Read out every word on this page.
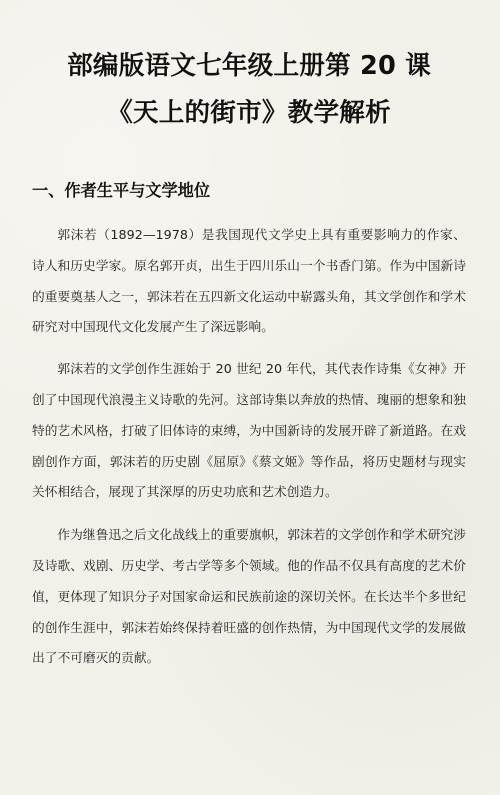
部编版语文七年级上册第 20 课
《天上的街市》教学解析
一、作者生平与文学地位

郭沫若（1892—1978）是我国现代文学史上具有重要影响力的作家、诗人和历史学家。原名郭开贞，出生于四川乐山一个书香门第。作为中国新诗的重要奠基人之一，郭沫若在五四新文化运动中崭露头角，其文学创作和学术研究对中国现代文化发展产生了深远影响。

郭沫若的文学创作生涯始于 20 世纪 20 年代，其代表作诗集《女神》开创了中国现代浪漫主义诗歌的先河。这部诗集以奔放的热情、瑰丽的想象和独特的艺术风格，打破了旧体诗的束缚，为中国新诗的发展开辟了新道路。在戏剧创作方面，郭沫若的历史剧《屈原》《蔡文姬》等作品，将历史题材与现实关怀相结合，展现了其深厚的历史功底和艺术创造力。

作为继鲁迅之后文化战线上的重要旗帜，郭沫若的文学创作和学术研究涉及诗歌、戏剧、历史学、考古学等多个领域。他的作品不仅具有高度的艺术价值，更体现了知识分子对国家命运和民族前途的深切关怀。在长达半个多世纪的创作生涯中，郭沫若始终保持着旺盛的创作热情，为中国现代文学的发展做出了不可磨灭的贡献。
